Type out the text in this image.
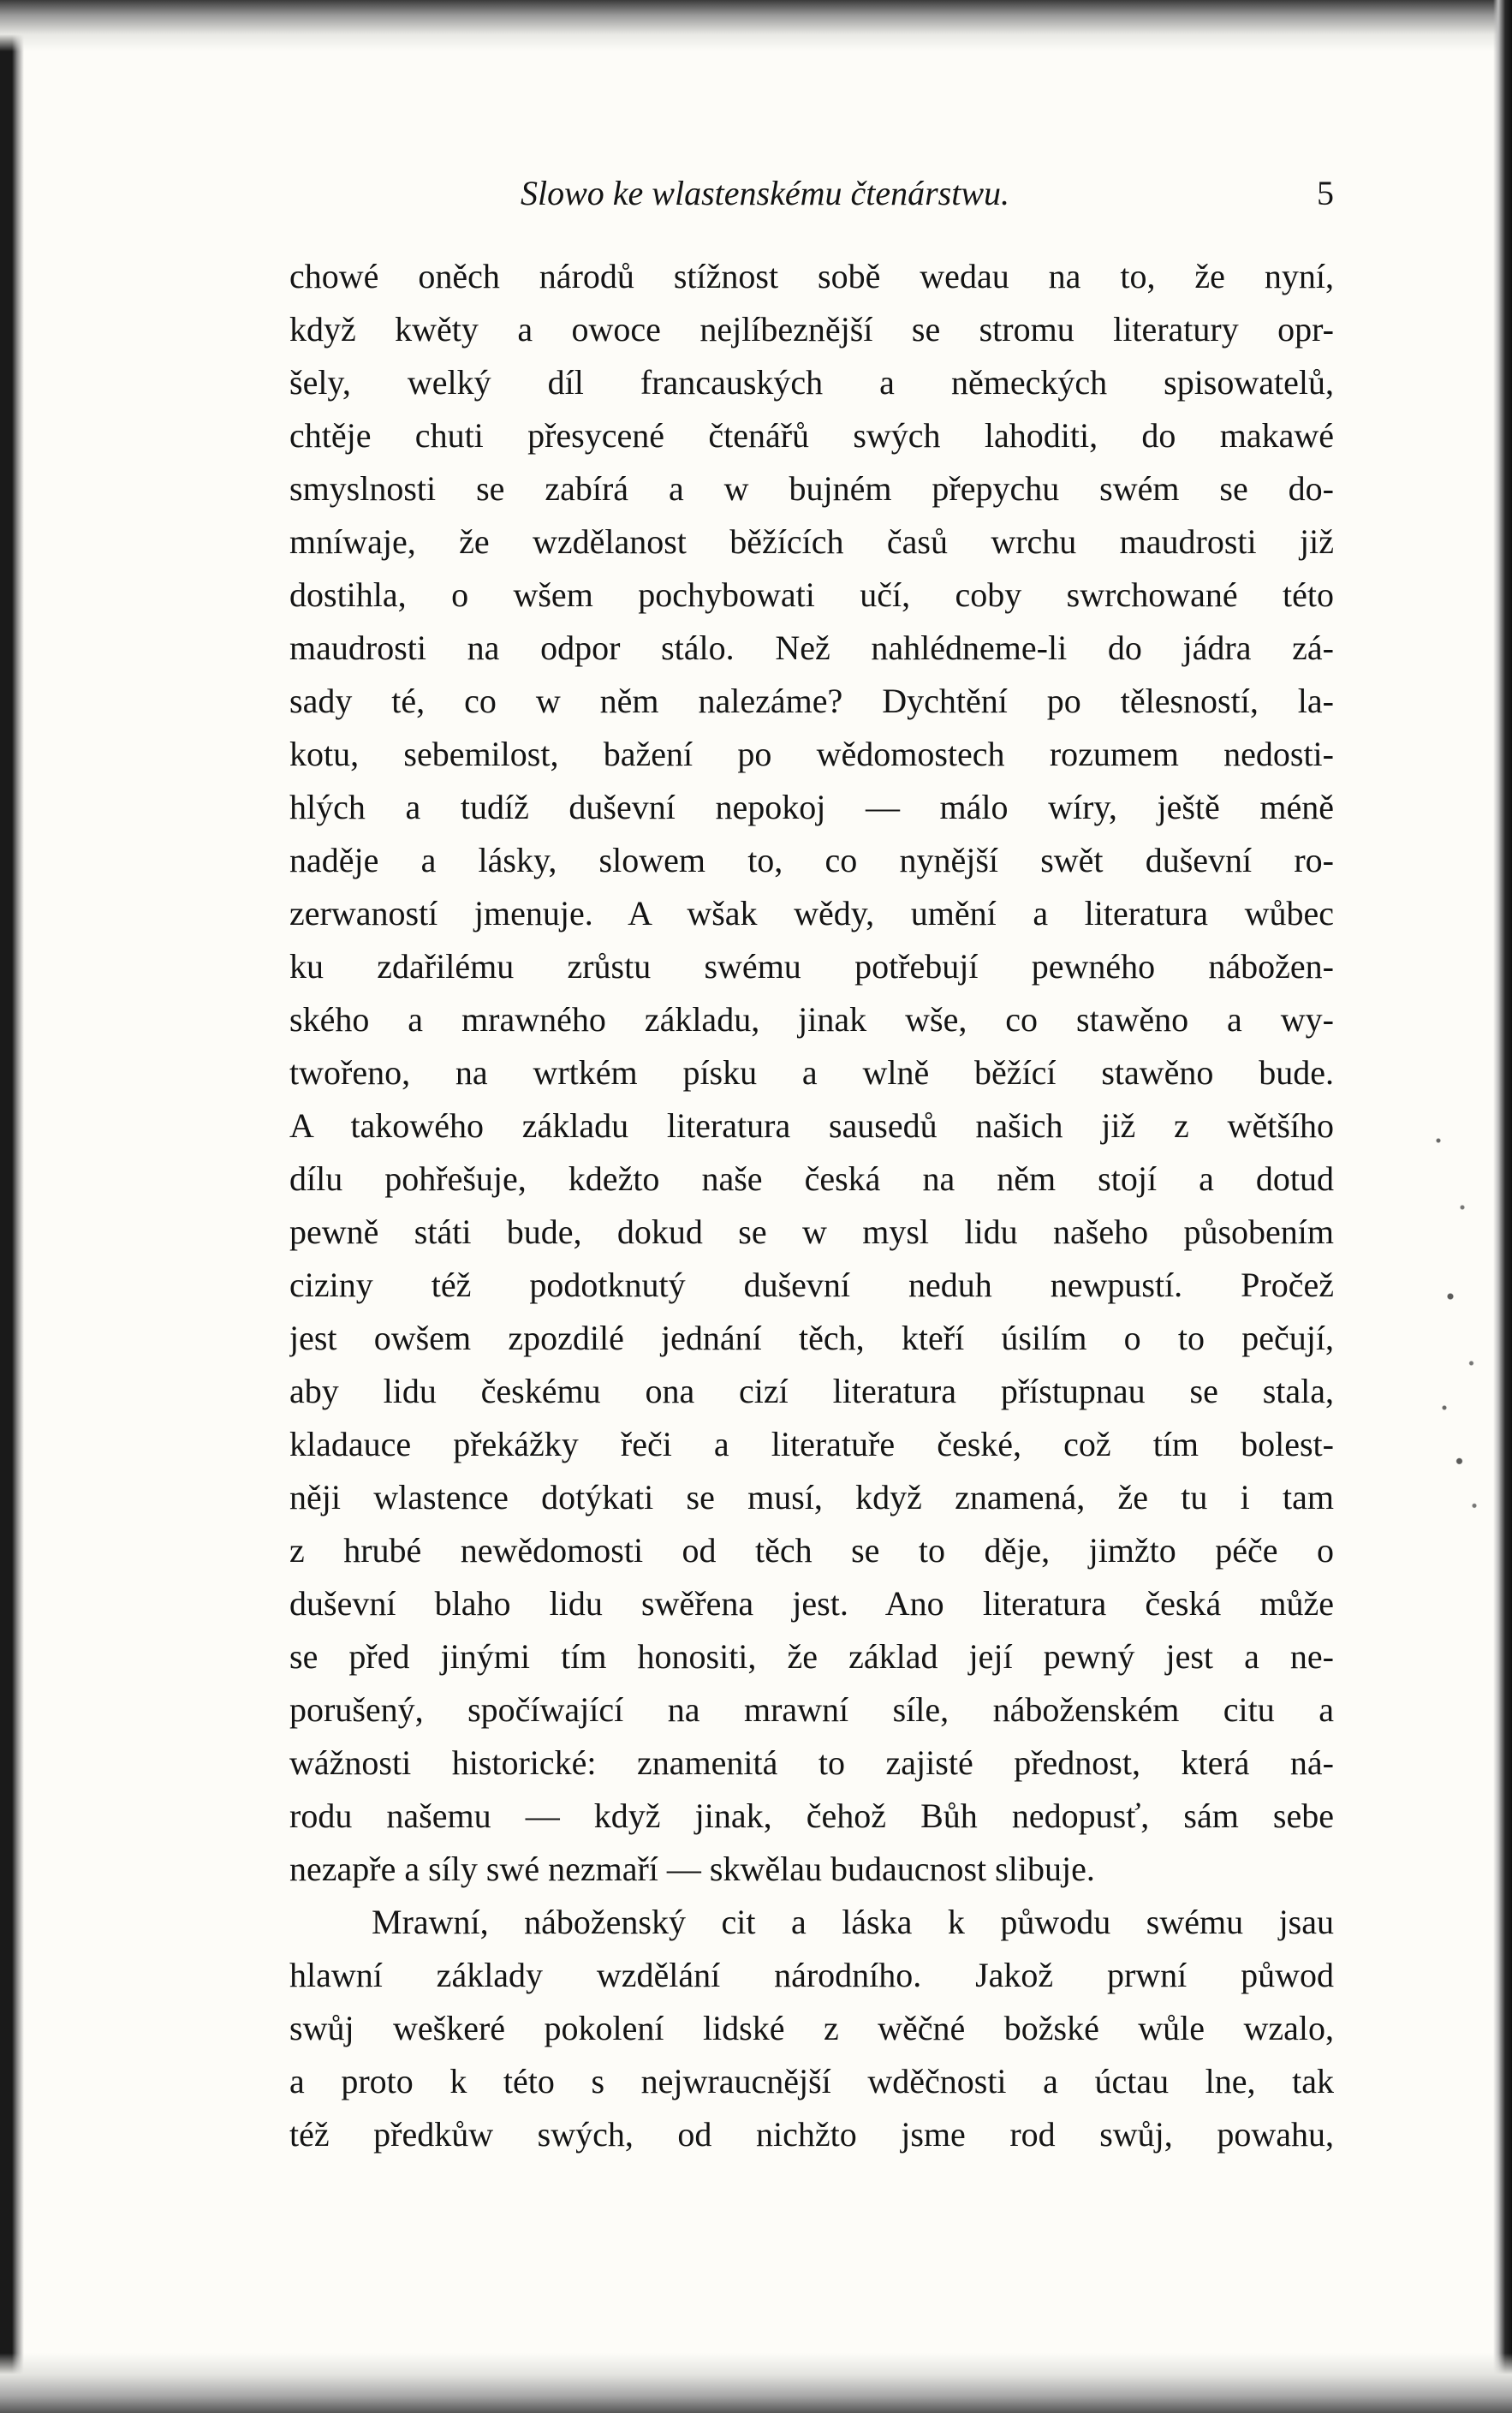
Slowo ke wlastenskému čtenárstwu.	5
chowé oněch národů stížnost sobě wedau na to, že nyní,
když kwěty a owoce nejlíbeznější se stromu literatury opr-
šely, welký díl francauských a německých spisowatelů,
chtěje chuti přesycené čtenářů swých lahoditi, do makawé
smyslnosti se zabírá a w bujném přepychu swém se do-
mníwaje, že wzdělanost běžících časů wrchu maudrosti již
dostihla, o wšem pochybowati učí, coby swrchowané této
maudrosti na odpor stálo. Než nahlédneme-li do jádra zá-
sady té, co w něm nalezáme? Dychtění po tělesností, la-
kotu, sebemilost, bažení po wědomostech rozumem nedosti-
hlých a tudíž duševní nepokoj — málo wíry, ještě méně
naděje a lásky, slowem to, co nynější swět duševní ro-
zerwaností jmenuje. A wšak wědy, umění a literatura wůbec
ku zdařilému zrůstu swému potřebují pewného nábožen-
ského a mrawného základu, jinak wše, co stawěno a wy-
twořeno, na wrtkém písku a wlně běžící stawěno bude.
A takowého základu literatura sausedů našich již z wětšího
dílu pohřešuje, kdežto naše česká na něm stojí a dotud
pewně státi bude, dokud se w mysl lidu našeho působením
ciziny též podotknutý duševní neduh newpustí. Pročež
jest owšem zpozdilé jednání těch, kteří úsilím o to pečují,
aby lidu českému ona cizí literatura přístupnau se stala,
kladauce překážky řeči a literatuře české, což tím bolest-
něji wlastence dotýkati se musí, když znamená, že tu i tam
z hrubé newědomosti od těch se to děje, jimžto péče o
duševní blaho lidu swěřena jest. Ano literatura česká může
se před jinými tím honositi, že základ její pewný jest a ne-
porušený, spočíwající na mrawní síle, nábožensk​ém citu a
wážnosti historické: znamenitá to zajisté přednost, která ná-
rodu našemu — když jinak, čehož Bůh nedopusť, sám sebe
nezapře a síly swé nezmaří — skwělau budaucnost slibuje.
Mrawní, náboženský cit a láska k půwodu swému jsau
hlawní základy wzdělání národního. Jakož prwní půwod
swůj weškeré pokolení lidské z wěčné božské wůle wzalo,
a proto k této s nejwraucnější wděčnosti a úctau lne, tak
též předkůw swých, od nichžto jsme rod swůj, powahu,
